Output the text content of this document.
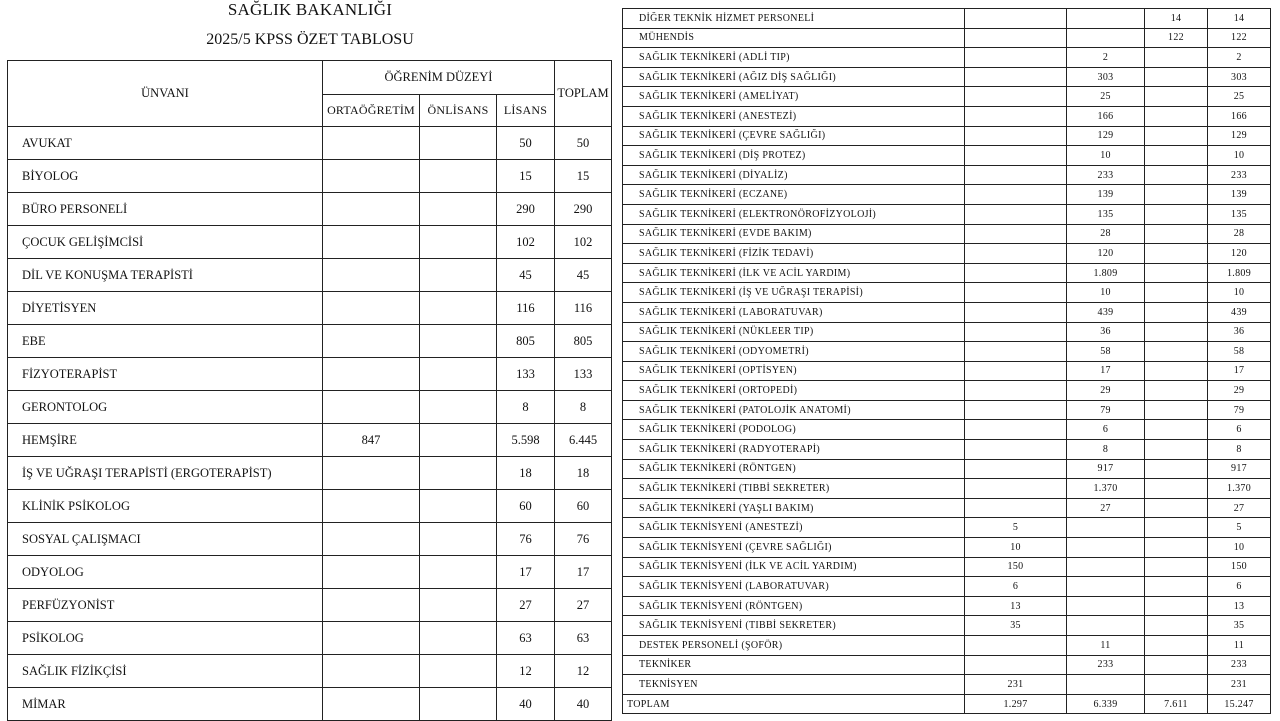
SAĞLIK BAKANLIĞI
2025/5 KPSS ÖZET TABLOSU
ÜNVANI	ÖĞRENİM DÜZEYİ			TOPLAM
	ORTAÖĞRETİM	ÖNLİSANS	LİSANS	
AVUKAT			50	50
BİYOLOG			15	15
BÜRO PERSONELİ			290	290
ÇOCUK GELİŞİMCİSİ			102	102
DİL VE KONUŞMA TERAPİSTİ			45	45
DİYETİSYEN			116	116
EBE			805	805
FİZYOTERAPİST			133	133
GERONTOLOG			8	8
HEMŞİRE	847		5.598	6.445
İŞ VE UĞRAŞI TERAPİSTİ (ERGOTERAPİST)			18	18
KLİNİK PSİKOLOG			60	60
SOSYAL ÇALIŞMACI			76	76
ODYOLOG			17	17
PERFÜZYONİST			27	27
PSİKOLOG			63	63
SAĞLIK FİZİKÇİSİ			12	12
MİMAR			40	40
DİĞER TEKNİK HİZMET PERSONELİ			14	14
MÜHENDİS			122	122
SAĞLIK TEKNİKERİ (ADLİ TIP)		2		2
SAĞLIK TEKNİKERİ (AĞIZ DİŞ SAĞLIĞI)		303		303
SAĞLIK TEKNİKERİ (AMELİYAT)		25		25
SAĞLIK TEKNİKERİ (ANESTEZİ)		166		166
SAĞLIK TEKNİKERİ (ÇEVRE SAĞLIĞI)		129		129
SAĞLIK TEKNİKERİ (DİŞ PROTEZ)		10		10
SAĞLIK TEKNİKERİ (DİYALİZ)		233		233
SAĞLIK TEKNİKERİ (ECZANE)		139		139
SAĞLIK TEKNİKERİ (ELEKTRONÖROFİZYOLOJİ)		135		135
SAĞLIK TEKNİKERİ (EVDE BAKIM)		28		28
SAĞLIK TEKNİKERİ (FİZİK TEDAVİ)		120		120
SAĞLIK TEKNİKERİ (İLK VE ACİL YARDIM)		1.809		1.809
SAĞLIK TEKNİKERİ (İŞ VE UĞRAŞI TERAPİSİ)		10		10
SAĞLIK TEKNİKERİ (LABORATUVAR)		439		439
SAĞLIK TEKNİKERİ (NÜKLEER TIP)		36		36
SAĞLIK TEKNİKERİ (ODYOMETRİ)		58		58
SAĞLIK TEKNİKERİ (OPTİSYEN)		17		17
SAĞLIK TEKNİKERİ (ORTOPEDİ)		29		29
SAĞLIK TEKNİKERİ (PATOLOJİK ANATOMİ)		79		79
SAĞLIK TEKNİKERİ (PODOLOG)		6		6
SAĞLIK TEKNİKERİ (RADYOTERAPİ)		8		8
SAĞLIK TEKNİKERİ (RÖNTGEN)		917		917
SAĞLIK TEKNİKERİ (TIBBİ SEKRETER)		1.370		1.370
SAĞLIK TEKNİKERİ (YAŞLI BAKIM)		27		27
SAĞLIK TEKNİSYENİ (ANESTEZİ)	5			5
SAĞLIK TEKNİSYENİ (ÇEVRE SAĞLIĞI)	10			10
SAĞLIK TEKNİSYENİ (İLK VE ACİL YARDIM)	150			150
SAĞLIK TEKNİSYENİ (LABORATUVAR)	6			6
SAĞLIK TEKNİSYENİ (RÖNTGEN)	13			13
SAĞLIK TEKNİSYENİ (TIBBİ SEKRETER)	35			35
DESTEK PERSONELİ (ŞOFÖR)		11		11
TEKNİKER		233		233
TEKNİSYEN	231			231
TOPLAM	1.297	6.339	7.611	15.247
